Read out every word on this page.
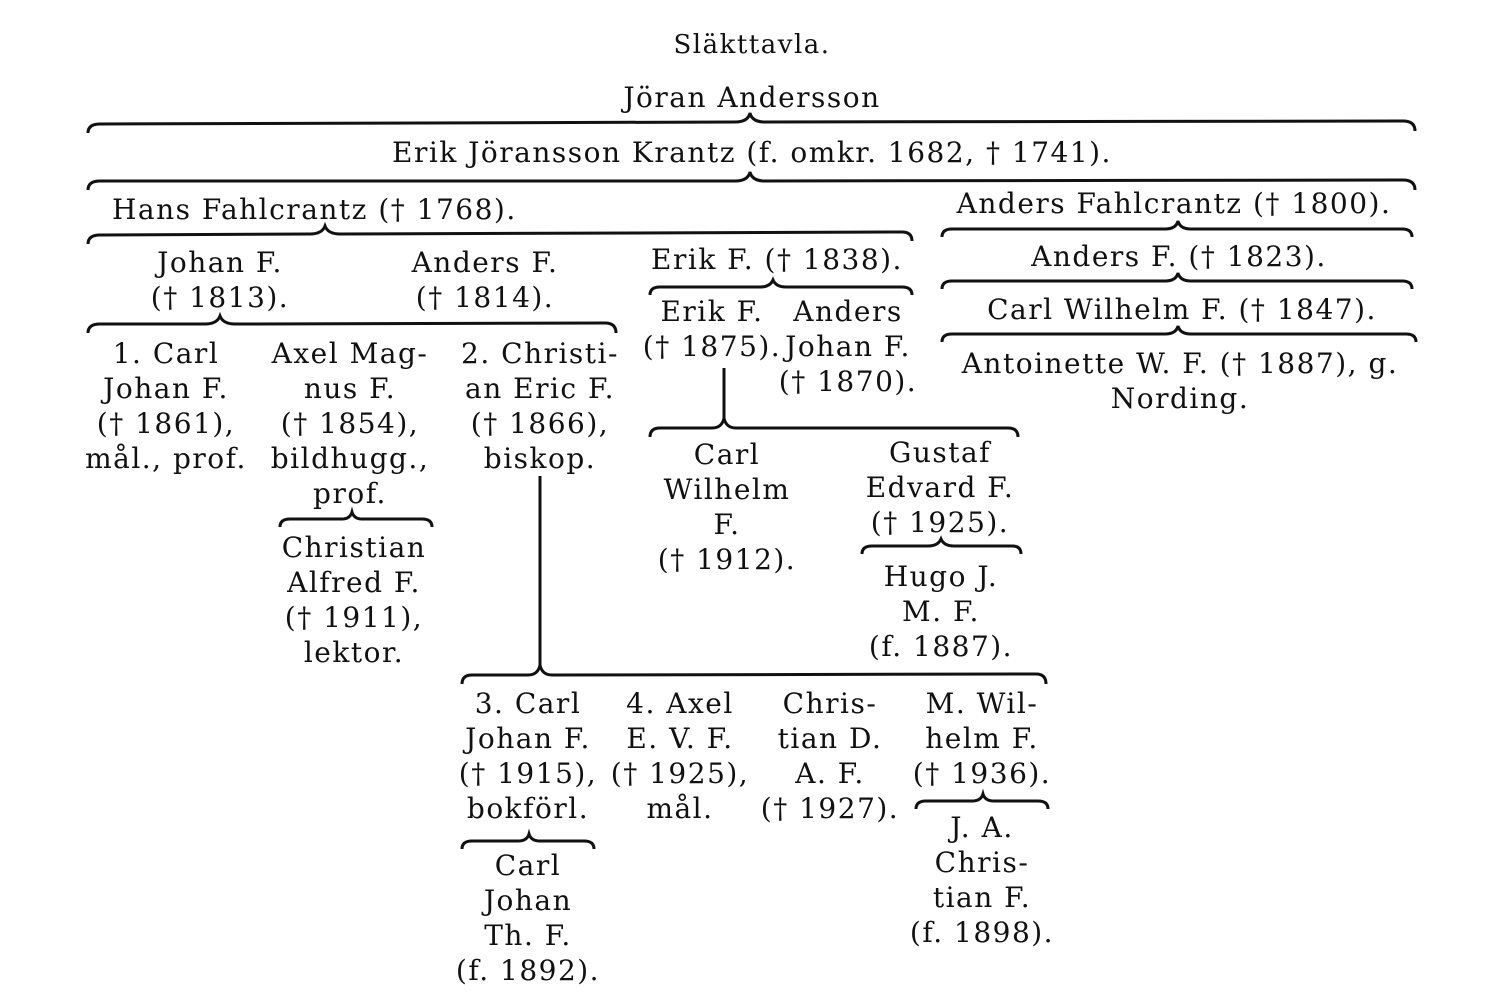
Släkttavla.
Jöran Andersson
Erik Jöransson Krantz (f. omkr. 1682, † 1741).
Hans Fahlcrantz († 1768).	Anders Fahlcrantz († 1800).
Johan F.
(† 1813).
Anders F.
(† 1814).
Erik F. († 1838).	Anders F. († 1823).
Carl Wilhelm F. († 1847).
Antoinette W. F. († 1887), g.
Nording.
Erik F.
(† 1875).
Anders
Johan F.
(† 1870).
1. Carl
Johan F.
(† 1861),
mål., prof.
Axel Mag-
nus F.
(† 1854),
bildhugg.,
prof.
2. Christi-
an Eric F.
(† 1866),
biskop.
Christian
Alfred F.
(† 1911),
lektor.
Carl
Wilhelm
F.
(† 1912).
Gustaf
Edvard F.
(† 1925).
Hugo J.
M. F.
(f. 1887).
3. Carl
Johan F.
(† 1915),
bokförl.
4. Axel
E. V. F.
(† 1925),
mål.
Chris-
tian D.
A. F.
(† 1927).
M. Wil-
helm F.
(† 1936).
Carl
Johan
Th. F.
(f. 1892).
J. A.
Chris-
tian F.
(f. 1898).
